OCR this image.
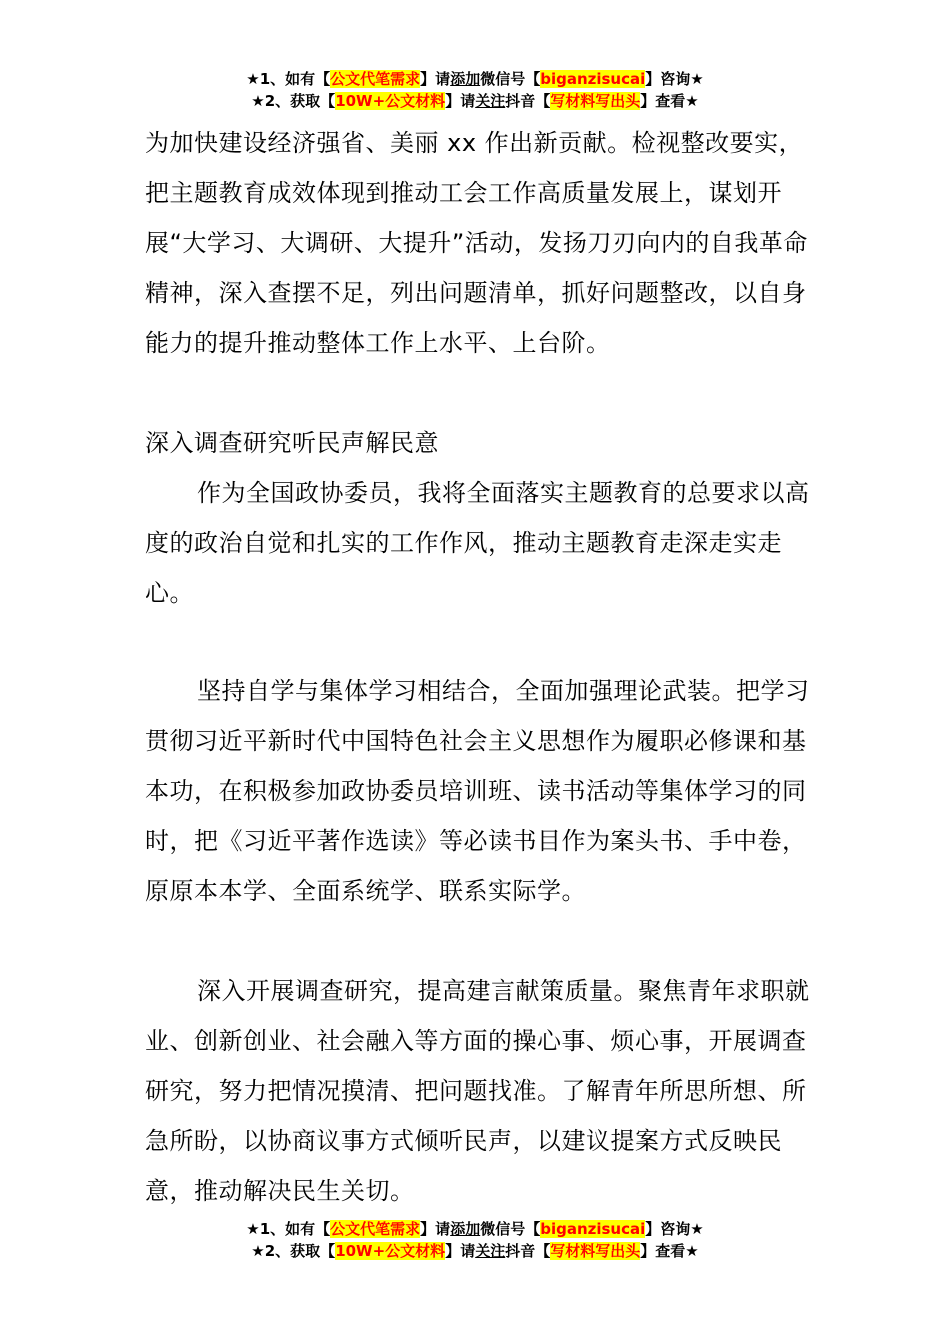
★1、如有【公文代笔需求】请添加微信号【biganzisucai】咨询★
★2、获取【10W+公文材料】请关注抖音【写材料写出头】查看★

为加快建设经济强省、美丽 xx 作出新贡献。检视整改要实，把主题教育成效体现到推动工会工作高质量发展上，谋划开展“大学习、大调研、大提升”活动，发扬刀刃向内的自我革命精神，深入查摆不足，列出问题清单，抓好问题整改，以自身能力的提升推动整体工作上水平、上台阶。

深入调查研究听民声解民意

作为全国政协委员，我将全面落实主题教育的总要求以高度的政治自觉和扎实的工作作风，推动主题教育走深走实走心。

坚持自学与集体学习相结合，全面加强理论武装。把学习贯彻习近平新时代中国特色社会主义思想作为履职必修课和基本功，在积极参加政协委员培训班、读书活动等集体学习的同时，把《习近平著作选读》等必读书目作为案头书、手中卷，原原本本学、全面系统学、联系实际学。

深入开展调查研究，提高建言献策质量。聚焦青年求职就业、创新创业、社会融入等方面的操心事、烦心事，开展调查研究，努力把情况摸清、把问题找准。了解青年所思所想、所急所盼，以协商议事方式倾听民声，以建议提案方式反映民意，推动解决民生关切。

★1、如有【公文代笔需求】请添加微信号【biganzisucai】咨询★
★2、获取【10W+公文材料】请关注抖音【写材料写出头】查看★
